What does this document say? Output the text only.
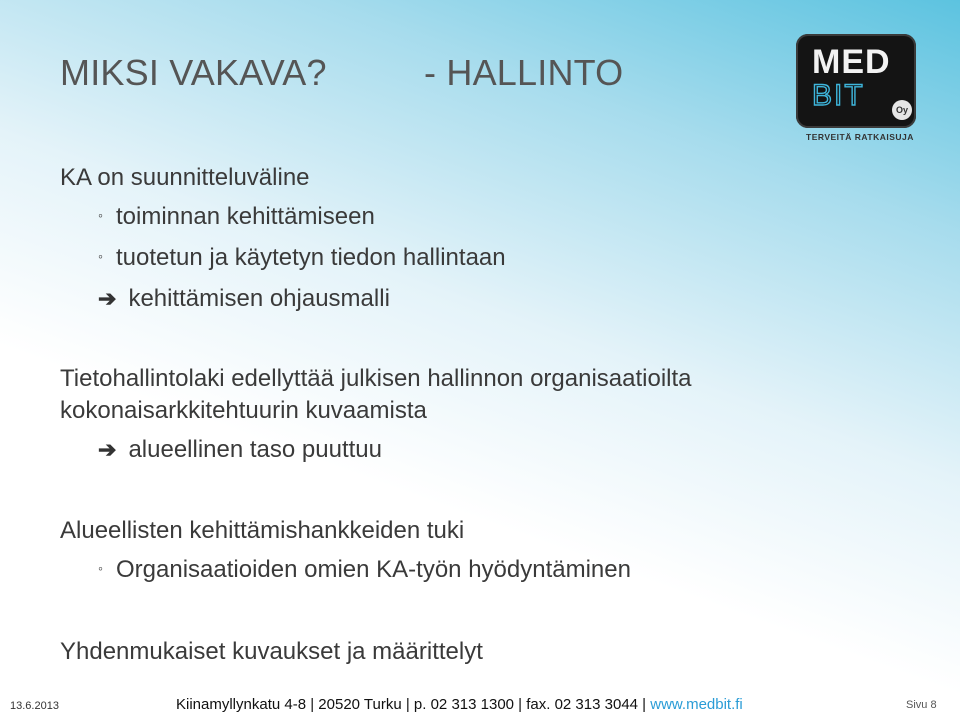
MIKSI VAKAVA?	- HALLINTO	MED
BIT	Oy
TERVEITÄ RATKAISUJA
KA on suunnitteluväline
◦ toiminnan kehittämiseen
◦ tuotetun ja käytetyn tiedon hallintaan
➔ kehittämisen ohjausmalli
Tietohallintolaki edellyttää julkisen hallinnon organisaatioilta
kokonaisarkkitehtuurin kuvaamista
➔ alueellinen taso puuttuu
Alueellisten kehittämishankkeiden tuki
◦ Organisaatioiden omien KA-työn hyödyntäminen
Yhdenmukaiset kuvaukset ja määrittelyt
13.6.2013	Kiinamyllynkatu 4-8 | 20520 Turku | p. 02 313 1300 | fax. 02 313 3044 | www.medbit.fi	Sivu 8
